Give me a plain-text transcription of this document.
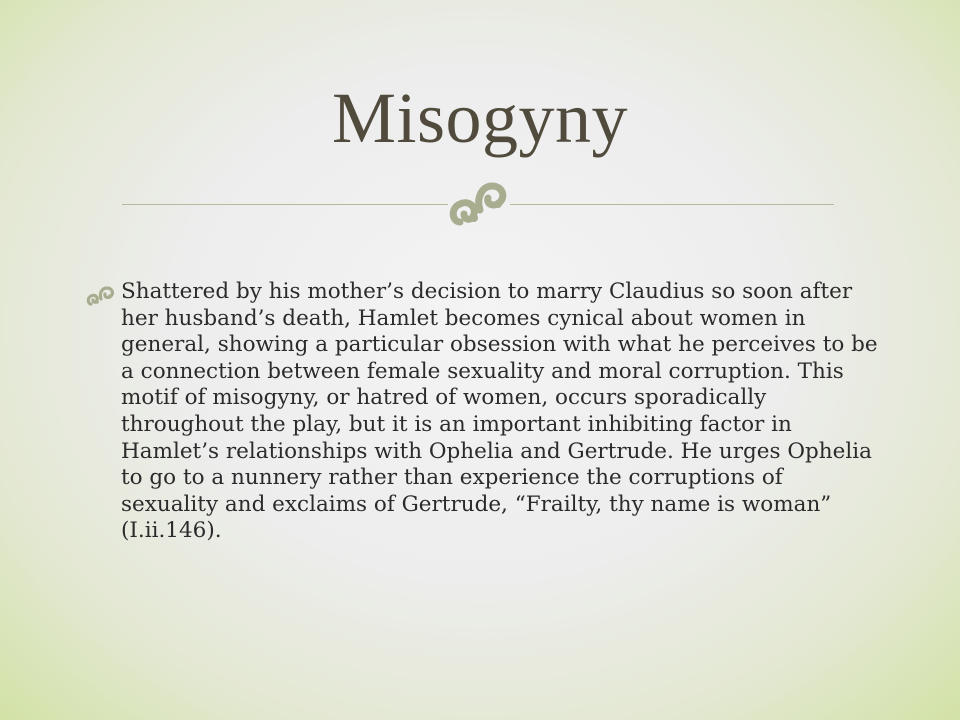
Misogyny
Shattered by his mother’s decision to marry Claudius so soon after her husband’s death, Hamlet becomes cynical about women in general, showing a particular obsession with what he perceives to be a connection between female sexuality and moral corruption. This motif of misogyny, or hatred of women, occurs sporadically throughout the play, but it is an important inhibiting factor in Hamlet’s relationships with Ophelia and Gertrude. He urges Ophelia to go to a nunnery rather than experience the corruptions of sexuality and exclaims of Gertrude, “Frailty, thy name is woman” (I.ii.146).
